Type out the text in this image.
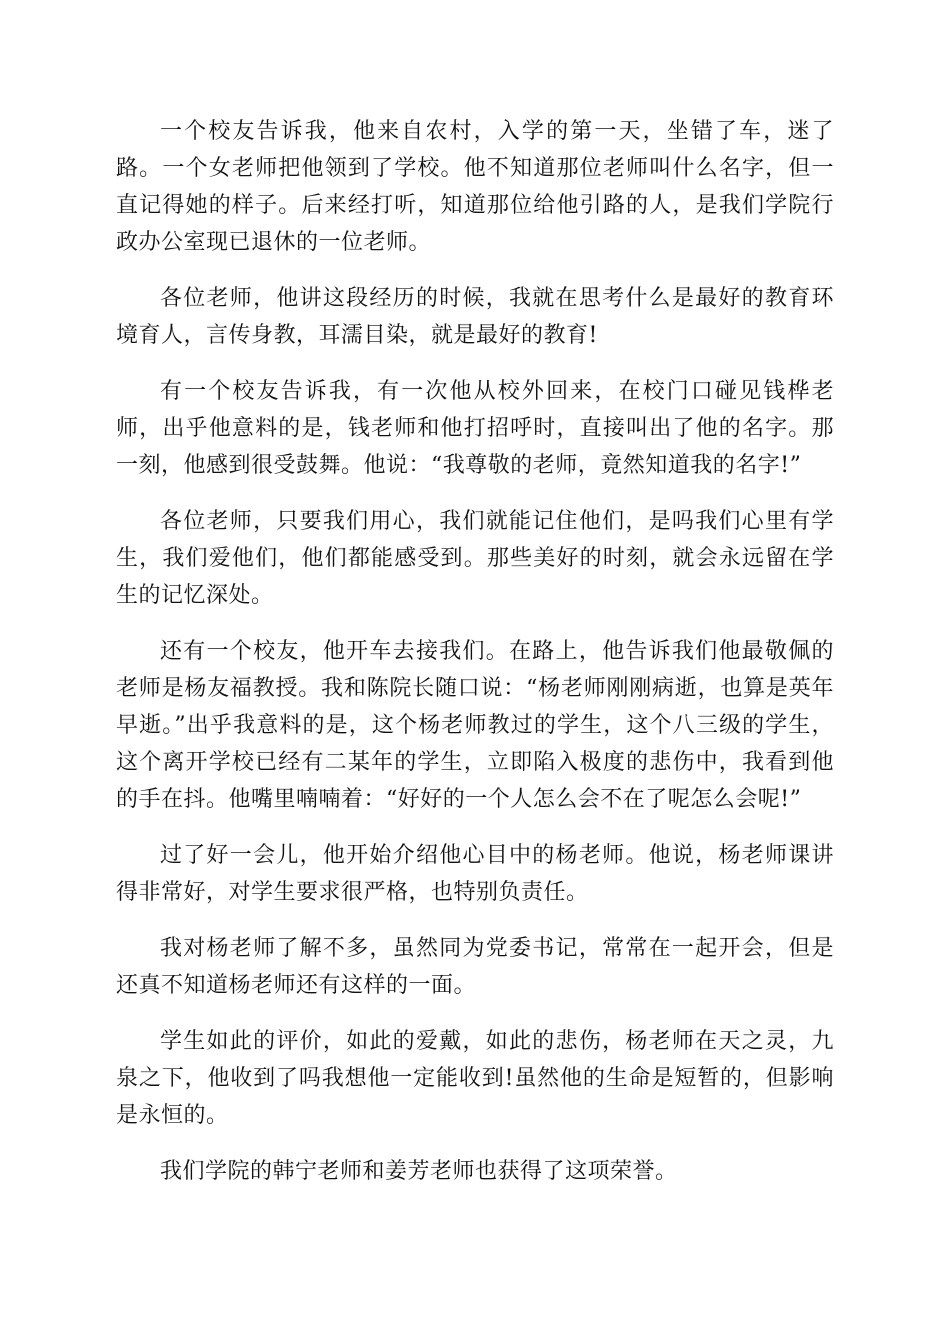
一个校友告诉我，他来自农村，入学的第一天，坐错了车，迷了路。一个女老师把他领到了学校。他不知道那位老师叫什么名字，但一直记得她的样子。后来经打听，知道那位给他引路的人，是我们学院行政办公室现已退休的一位老师。

各位老师，他讲这段经历的时候，我就在思考什么是最好的教育环境育人，言传身教，耳濡目染，就是最好的教育!

有一个校友告诉我，有一次他从校外回来，在校门口碰见钱桦老师，出乎他意料的是，钱老师和他打招呼时，直接叫出了他的名字。那一刻，他感到很受鼓舞。他说：“我尊敬的老师，竟然知道我的名字!”

各位老师，只要我们用心，我们就能记住他们，是吗我们心里有学生，我们爱他们，他们都能感受到。那些美好的时刻，就会永远留在学生的记忆深处。

还有一个校友，他开车去接我们。在路上，他告诉我们他最敬佩的老师是杨友福教授。我和陈院长随口说：“杨老师刚刚病逝，也算是英年早逝。”出乎我意料的是，这个杨老师教过的学生，这个八三级的学生，这个离开学校已经有二某年的学生，立即陷入极度的悲伤中，我看到他的手在抖。他嘴里喃喃着：“好好的一个人怎么会不在了呢怎么会呢!”

过了好一会儿，他开始介绍他心目中的杨老师。他说，杨老师课讲得非常好，对学生要求很严格，也特别负责任。

我对杨老师了解不多，虽然同为党委书记，常常在一起开会，但是还真不知道杨老师还有这样的一面。

学生如此的评价，如此的爱戴，如此的悲伤，杨老师在天之灵，九泉之下，他收到了吗我想他一定能收到!虽然他的生命是短暂的，但影响是永恒的。

我们学院的韩宁老师和姜芳老师也获得了这项荣誉。
